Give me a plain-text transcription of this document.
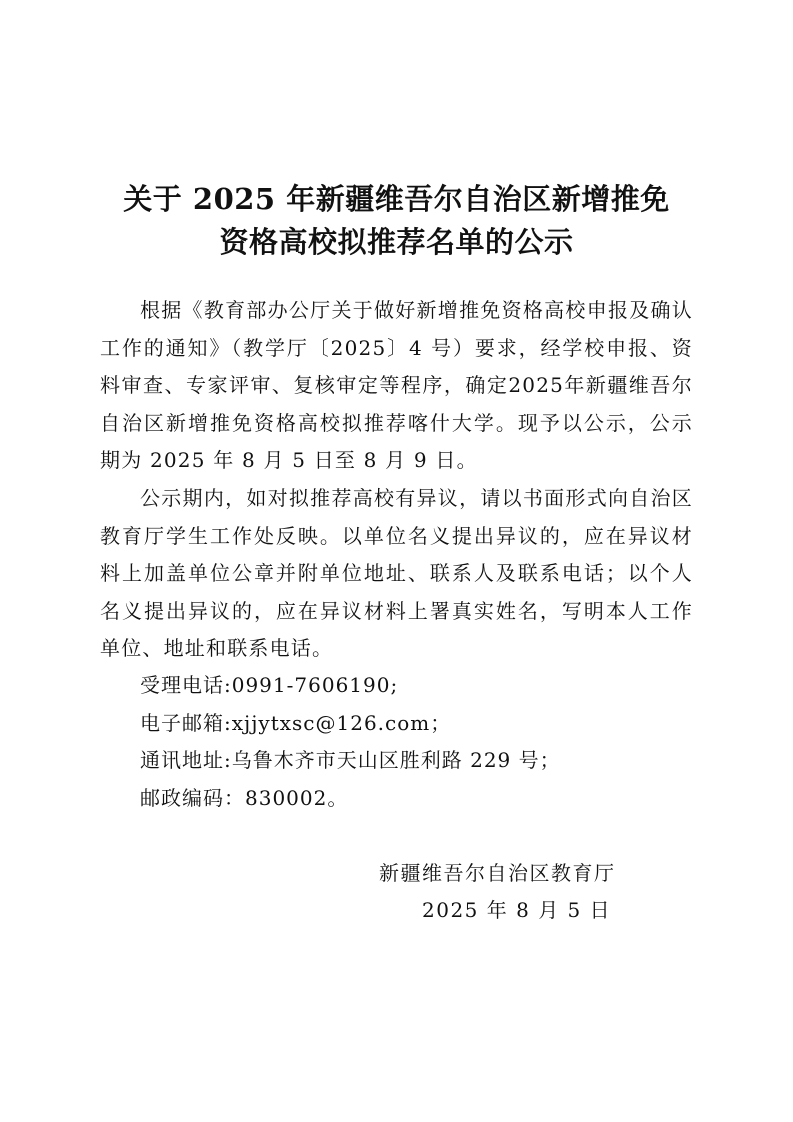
关于 2025 年新疆维吾尔自治区新增推免
资格高校拟推荐名单的公示

根据《教育部办公厅关于做好新增推免资格高校申报及确认工作的通知》（教学厅〔2025〕4 号）要求，经学校申报、资料审查、专家评审、复核审定等程序，确定2025年新疆维吾尔自治区新增推免资格高校拟推荐喀什大学。现予以公示，公示期为 2025 年 8 月 5 日至 8 月 9 日。

公示期内，如对拟推荐高校有异议，请以书面形式向自治区教育厅学生工作处反映。以单位名义提出异议的，应在异议材料上加盖单位公章并附单位地址、联系人及联系电话；以个人名义提出异议的，应在异议材料上署真实姓名，写明本人工作单位、地址和联系电话。

受理电话:0991-7606190;
电子邮箱:xjjytxsc@126.com；
通讯地址:乌鲁木齐市天山区胜利路 229 号；
邮政编码：830002。
新疆维吾尔自治区教育厅
2025 年 8 月 5 日
